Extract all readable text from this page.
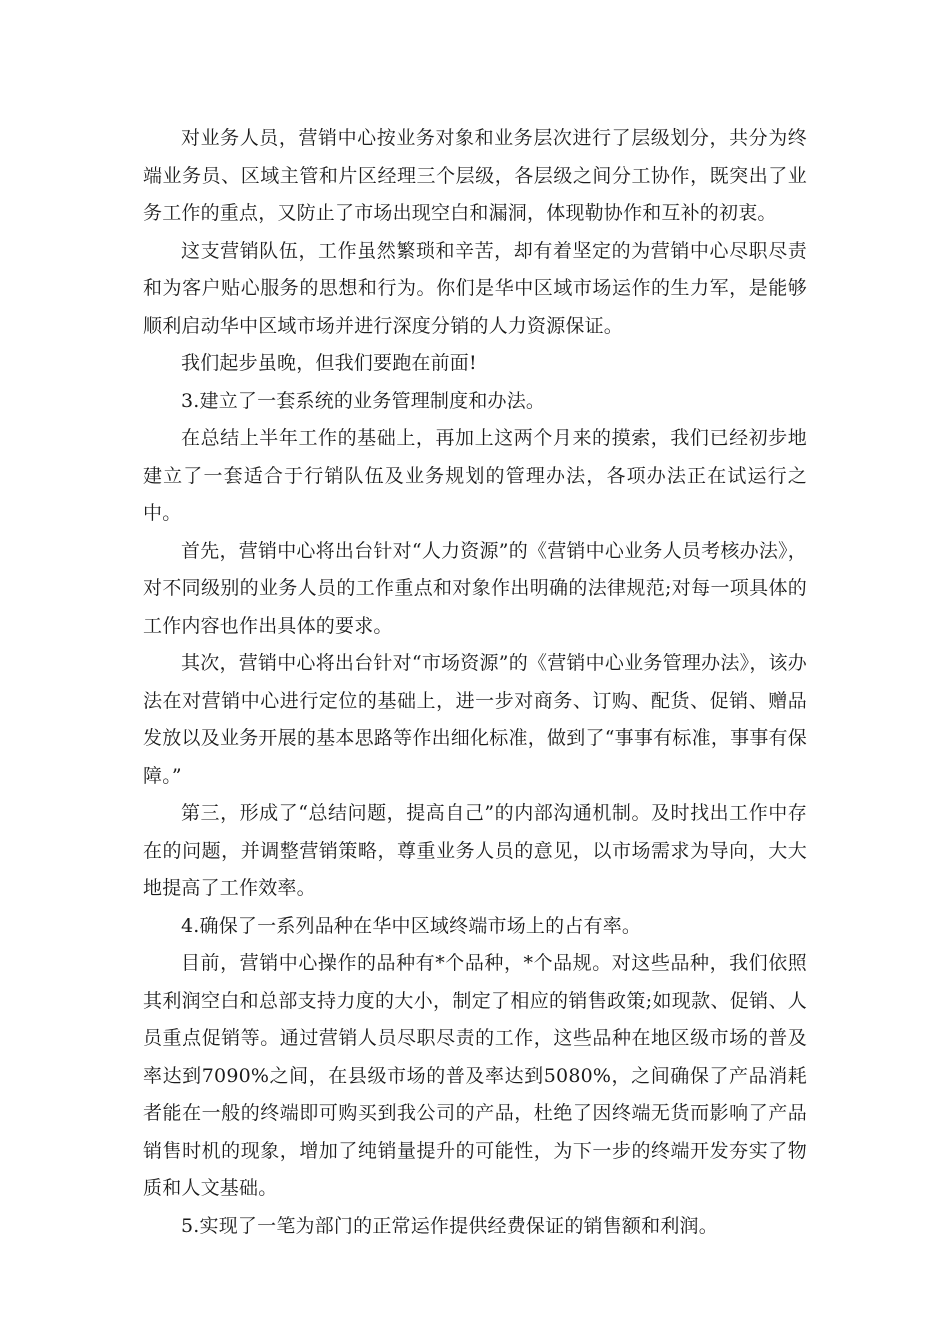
对业务人员，营销中心按业务对象和业务层次进行了层级划分，共分为终端业务员、区域主管和片区经理三个层级，各层级之间分工协作，既突出了业务工作的重点，又防止了市场出现空白和漏洞，体现勒协作和互补的初衷。

这支营销队伍，工作虽然繁琐和辛苦，却有着坚定的为营销中心尽职尽责和为客户贴心服务的思想和行为。你们是华中区域市场运作的生力军，是能够顺利启动华中区域市场并进行深度分销的人力资源保证。

我们起步虽晚，但我们要跑在前面!

3.建立了一套系统的业务管理制度和办法。

在总结上半年工作的基础上，再加上这两个月来的摸索，我们已经初步地建立了一套适合于行销队伍及业务规划的管理办法，各项办法正在试运行之中。

首先，营销中心将出台针对“人力资源”的《营销中心业务人员考核办法》，对不同级别的业务人员的工作重点和对象作出明确的法律规范;对每一项具体的工作内容也作出具体的要求。

其次，营销中心将出台针对“市场资源”的《营销中心业务管理办法》，该办法在对营销中心进行定位的基础上，进一步对商务、订购、配货、促销、赠品发放以及业务开展的基本思路等作出细化标准，做到了“事事有标准，事事有保障。”

第三，形成了“总结问题，提高自己”的内部沟通机制。及时找出工作中存在的问题，并调整营销策略，尊重业务人员的意见，以市场需求为导向，大大地提高了工作效率。

4.确保了一系列品种在华中区域终端市场上的占有率。

目前，营销中心操作的品种有*个品种，*个品规。对这些品种，我们依照其利润空白和总部支持力度的大小，制定了相应的销售政策;如现款、促销、人员重点促销等。通过营销人员尽职尽责的工作，这些品种在地区级市场的普及率达到7090%之间，在县级市场的普及率达到5080%，之间确保了产品消耗者能在一般的终端即可购买到我公司的产品，杜绝了因终端无货而影响了产品销售时机的现象，增加了纯销量提升的可能性，为下一步的终端开发夯实了物质和人文基础。

5.实现了一笔为部门的正常运作提供经费保证的销售额和利润。
